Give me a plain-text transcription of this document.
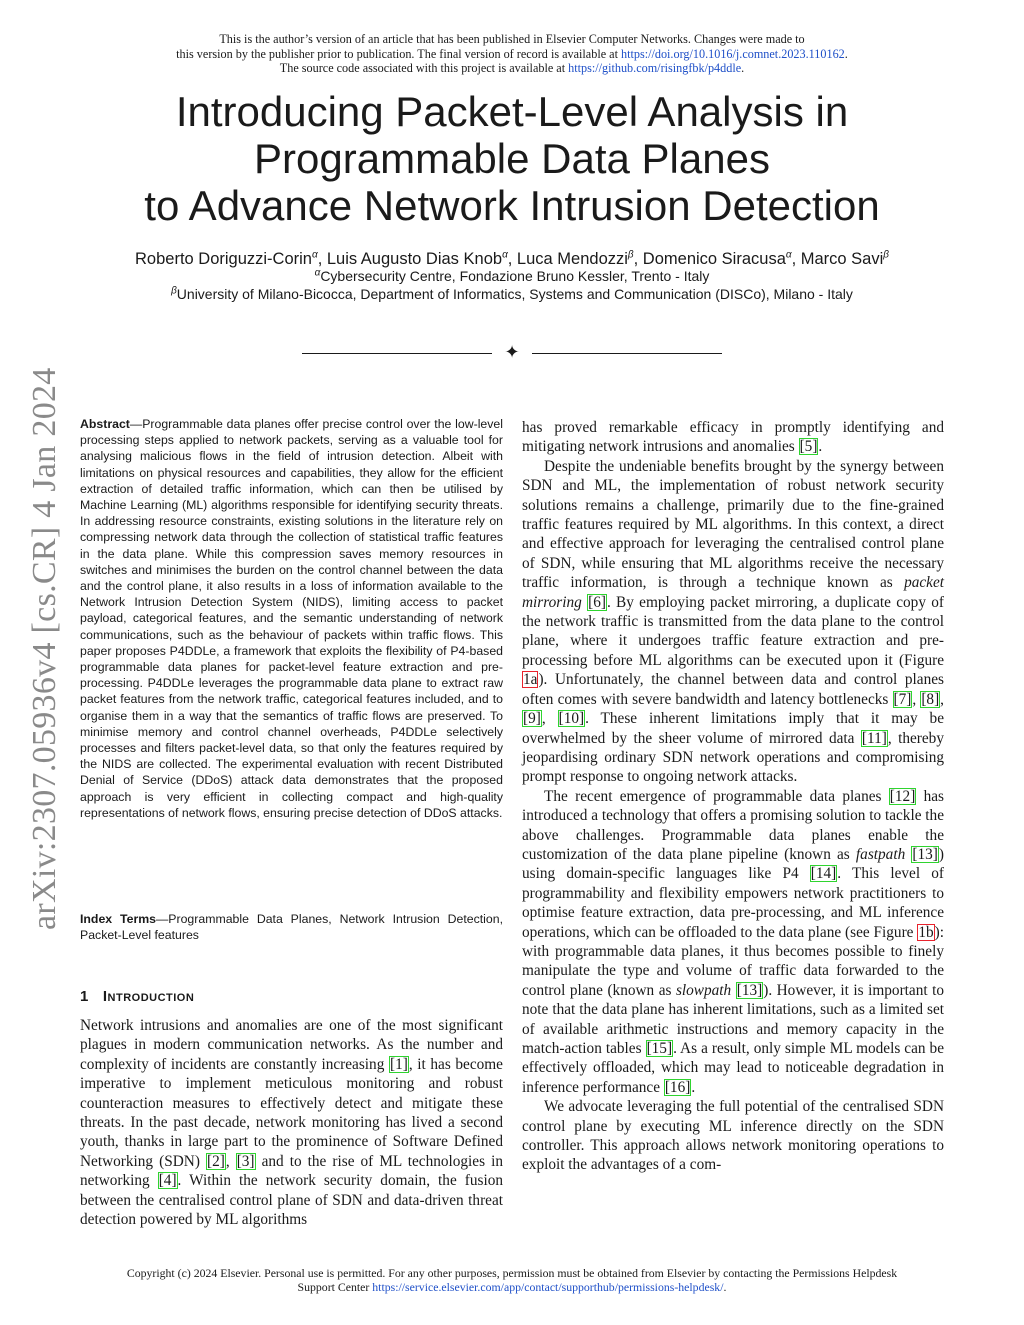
This is the author’s version of an article that has been published in Elsevier Computer Networks. Changes were made to
this version by the publisher prior to publication. The final version of record is available at https://doi.org/10.1016/j.comnet.2023.110162.
The source code associated with this project is available at https://github.com/risingfbk/p4ddle.
Introducing Packet-Level Analysis in
Programmable Data Planes
to Advance Network Intrusion Detection
Roberto Doriguzzi-Corin$^\alpha$, Luis Augusto Dias Knob$^\alpha$, Luca Mendozzi$^\beta$, Domenico Siracusa$^\alpha$, Marco Savi$^\beta$
$^\alpha$Cybersecurity Centre, Fondazione Bruno Kessler, Trento - Italy
$^\beta$University of Milano-Bicocca, Department of Informatics, Systems and Communication (DISCo), Milano - Italy
✦
arXiv:2307.05936v4 [cs.CR] 4 Jan 2024 Abstract—Programmable data planes offer precise control over the low-level processing steps applied to network packets, serving as a valuable tool for analysing malicious flows in the field of intrusion detection. Albeit with limitations on physical resources and capabilities, they allow for the efficient extraction of detailed traffic information, which can then be utilised by Machine Learning (ML) algorithms responsible for identifying security threats. In addressing resource constraints, existing solutions in the literature rely on compressing network data through the collection of statistical traffic features in the data plane. While this compression saves memory resources in switches and minimises the burden on the control channel between the data and the control plane, it also results in a loss of information available to the Network Intrusion Detection System (NIDS), limiting access to packet payload, categorical features, and the semantic understanding of network communications, such as the behaviour of packets within traffic flows. This paper proposes P4DDLe, a framework that exploits the flexibility of P4-based programmable data planes for packet-level feature extraction and pre-processing. P4DDLe leverages the programmable data plane to extract raw packet features from the network traffic, categorical features included, and to organise them in a way that the semantics of traffic flows are preserved. To minimise memory and control channel overheads, P4DDLe selectively processes and filters packet-level data, so that only the features required by the NIDS are collected. The experimental evaluation with recent Distributed Denial of Service (DDoS) attack data demonstrates that the proposed approach is very efficient in collecting compact and high-quality representations of network flows, ensuring precise detection of DDoS attacks.
Index Terms—Programmable Data Planes, Network Intrusion Detection, Packet-Level features
1 Introduction

Network intrusions and anomalies are one of the most significant plagues in modern communication networks. As the number and complexity of incidents are constantly increasing [1], it has become imperative to implement meticulous monitoring and robust counteraction measures to effectively detect and mitigate these threats. In the past decade, network monitoring has lived a second youth, thanks in large part to the prominence of Software Defined Networking (SDN) [2], [3] and to the rise of ML technologies in networking [4]. Within the network security domain, the fusion between the centralised control plane of SDN and data-driven threat detection powered by ML algorithms

has proved remarkable efficacy in promptly identifying and mitigating network intrusions and anomalies [5].

Despite the undeniable benefits brought by the synergy between SDN and ML, the implementation of robust network security solutions remains a challenge, primarily due to the fine-grained traffic features required by ML algorithms. In this context, a direct and effective approach for leveraging the centralised control plane of SDN, while ensuring that ML algorithms receive the necessary traffic information, is through a technique known as packet mirroring [6]. By employing packet mirroring, a duplicate copy of the network traffic is transmitted from the data plane to the control plane, where it undergoes traffic feature extraction and pre-processing before ML algorithms can be executed upon it (Figure 1a). Unfortunately, the channel between data and control planes often comes with severe bandwidth and latency bottlenecks [7], [8], [9], [10]. These inherent limitations imply that it may be overwhelmed by the sheer volume of mirrored data [11], thereby jeopardising ordinary SDN network operations and compromising prompt response to ongoing network attacks.

The recent emergence of programmable data planes [12] has introduced a technology that offers a promising solution to tackle the above challenges. Programmable data planes enable the customization of the data plane pipeline (known as fastpath [13]) using domain-specific languages like P4 [14]. This level of programmability and flexibility empowers network practitioners to optimise feature extraction, data pre-processing, and ML inference operations, which can be offloaded to the data plane (see Figure 1b): with programmable data planes, it thus becomes possible to finely manipulate the type and volume of traffic data forwarded to the control plane (known as slowpath [13]). However, it is important to note that the data plane has inherent limitations, such as a limited set of available arithmetic instructions and memory capacity in the match-action tables [15]. As a result, only simple ML models can be effectively offloaded, which may lead to noticeable degradation in inference performance [16].

We advocate leveraging the full potential of the centralised SDN control plane by executing ML inference directly on the SDN controller. This approach allows network monitoring operations to exploit the advantages of a com-

Copyright (c) 2024 Elsevier. Personal use is permitted. For any other purposes, permission must be obtained from Elsevier by contacting the Permissions Helpdesk
Support Center https://service.elsevier.com/app/contact/supporthub/permissions-helpdesk/.
